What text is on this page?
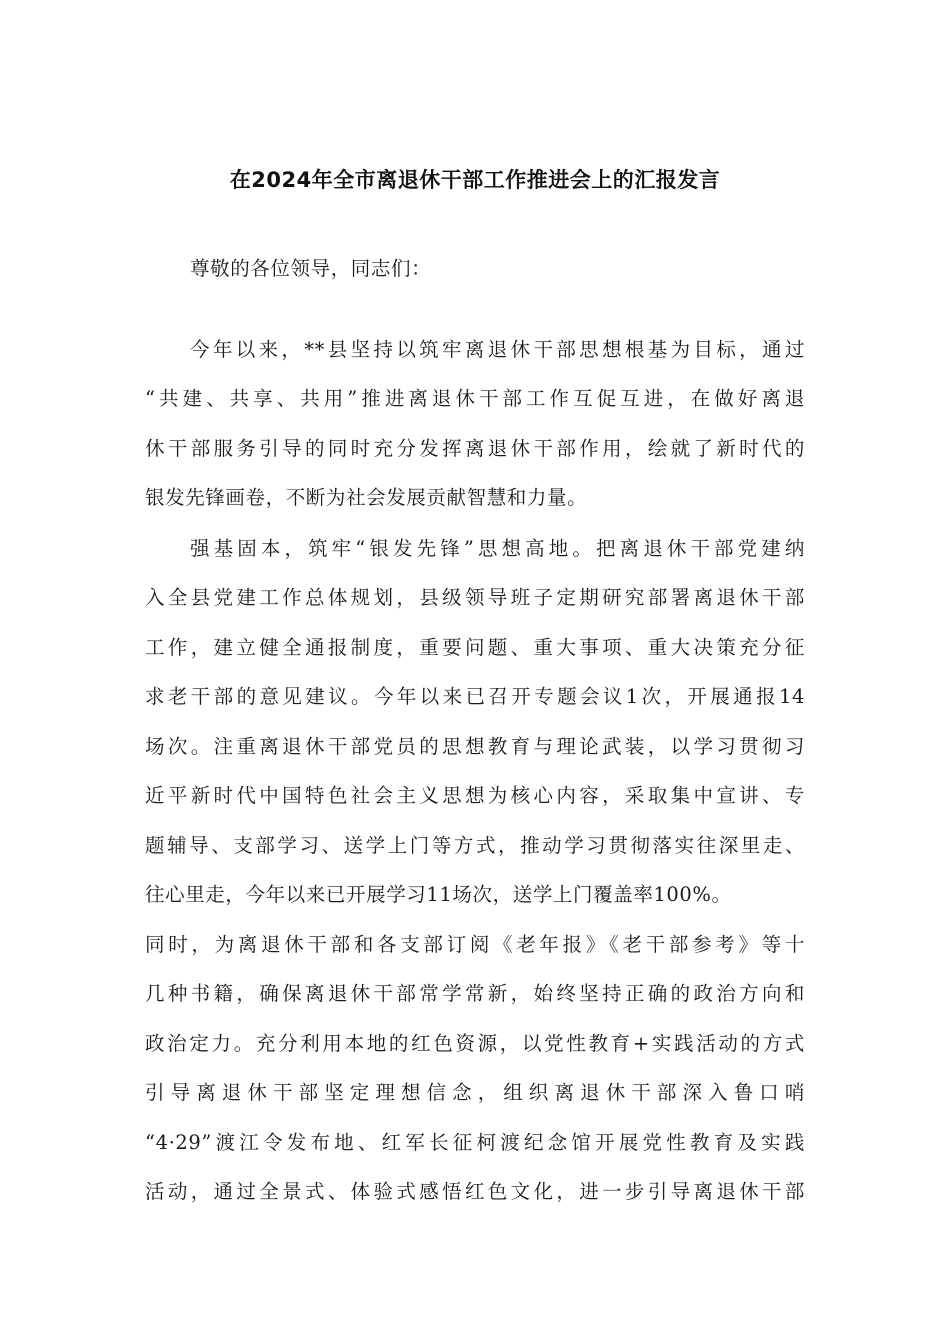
在2024年全市离退休干部工作推进会上的汇报发言
尊敬的各位领导，同志们：
今年以来，**县坚持以筑牢离退休干部思想根基为目标，通过
“共建、共享、共用”推进离退休干部工作互促互进，在做好离退
休干部服务引导的同时充分发挥离退休干部作用，绘就了新时代的
银发先锋画卷，不断为社会发展贡献智慧和力量。
强基固本，筑牢“银发先锋”思想高地。把离退休干部党建纳
入全县党建工作总体规划，县级领导班子定期研究部署离退休干部
工作，建立健全通报制度，重要问题、重大事项、重大决策充分征
求老干部的意见建议。今年以来已召开专题会议1次，开展通报14
场次。注重离退休干部党员的思想教育与理论武装，以学习贯彻习
近平新时代中国特色社会主义思想为核心内容，采取集中宣讲、专
题辅导、支部学习、送学上门等方式，推动学习贯彻落实往深里走、
往心里走，今年以来已开展学习11场次，送学上门覆盖率100%。
同时，为离退休干部和各支部订阅《老年报》《老干部参考》等十
几种书籍，确保离退休干部常学常新，始终坚持正确的政治方向和
政治定力。充分利用本地的红色资源，以党性教育+实践活动的方式
引导离退休干部坚定理想信念，组织离退休干部深入鲁口哨
“4·29”渡江令发布地、红军长征柯渡纪念馆开展党性教育及实践
活动，通过全景式、体验式感悟红色文化，进一步引导离退休干部
